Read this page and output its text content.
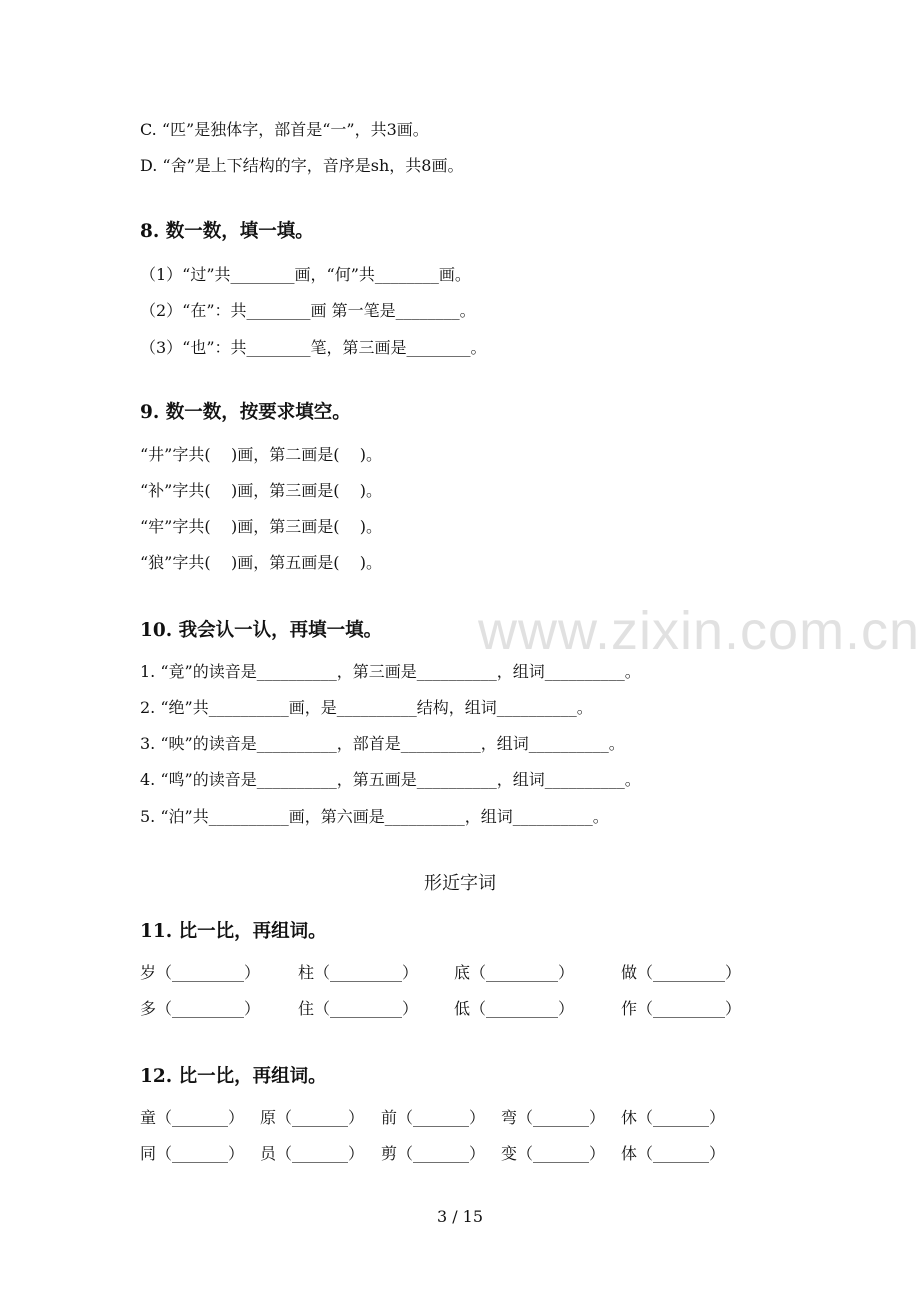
C. “匹”是独体字，部首是“一”，共3画。
D. “舍”是上下结构的字，音序是sh，共8画。
8. 数一数，填一填。
（1）“过”共________画，“何”共________画。
（2）“在”：共________画 第一笔是________。
（3）“也”：共________笔，第三画是________。
9. 数一数，按要求填空。
“井”字共(    )画，第二画是(    )。
“补”字共(    )画，第三画是(    )。
“牢”字共(    )画，第三画是(    )。
“狼”字共(    )画，第五画是(    )。
www.zixin.com.cn
10. 我会认一认，再填一填。
1. “竟”的读音是__________，第三画是__________，组词__________。
2. “绝”共__________画，是__________结构，组词__________。
3. “映”的读音是__________，部首是__________，组词__________。
4. “鸣”的读音是__________，第五画是__________，组词__________。
5. “泊”共__________画，第六画是__________，组词__________。
形近字词
11. 比一比，再组词。

岁（_________）

柱（_________）

底（_________）

	做（_________）

多（_________）

住（_________）

低（_________）

	作（_________）

12. 比一比，再组词。

童（_______）

原（_______）

前（_______）

弯（_______）

休（_______）

同（_______）

员（_______）

剪（_______）

变（_______）

体（_______）

3 / 15
